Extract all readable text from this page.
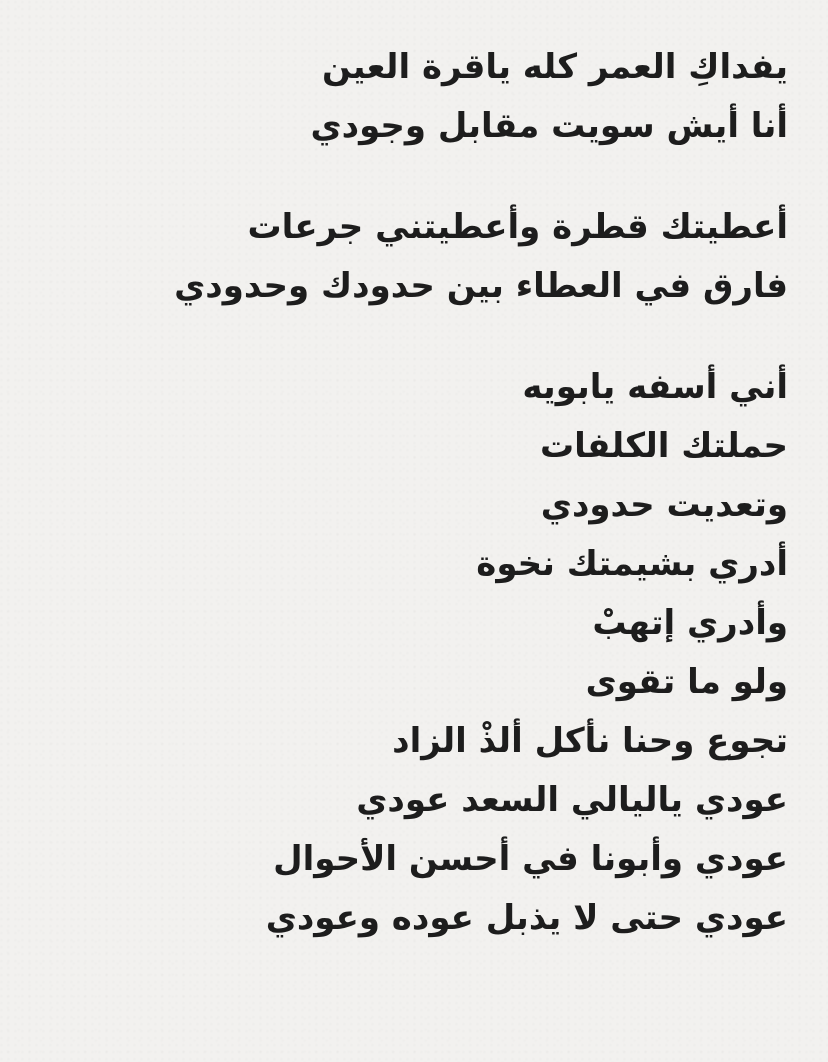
يفداكِ العمر كله ياقرة العين
أنا أيش سويت مقابل وجودي
أعطيتك قطرة وأعطيتني جرعات
فارق في العطاء بين حدودك وحدودي
أني أسفه يابويه
حملتك الكلفات
وتعديت حدودي
أدري بشيمتك نخوة
وأدري إتهبْ
ولو ما تقوى
تجوع وحنا نأكل ألذْ الزاد
عودي ياليالي السعد عودي
عودي وأبونا في أحسن الأحوال
عودي حتى لا يذبل عوده وعودي
